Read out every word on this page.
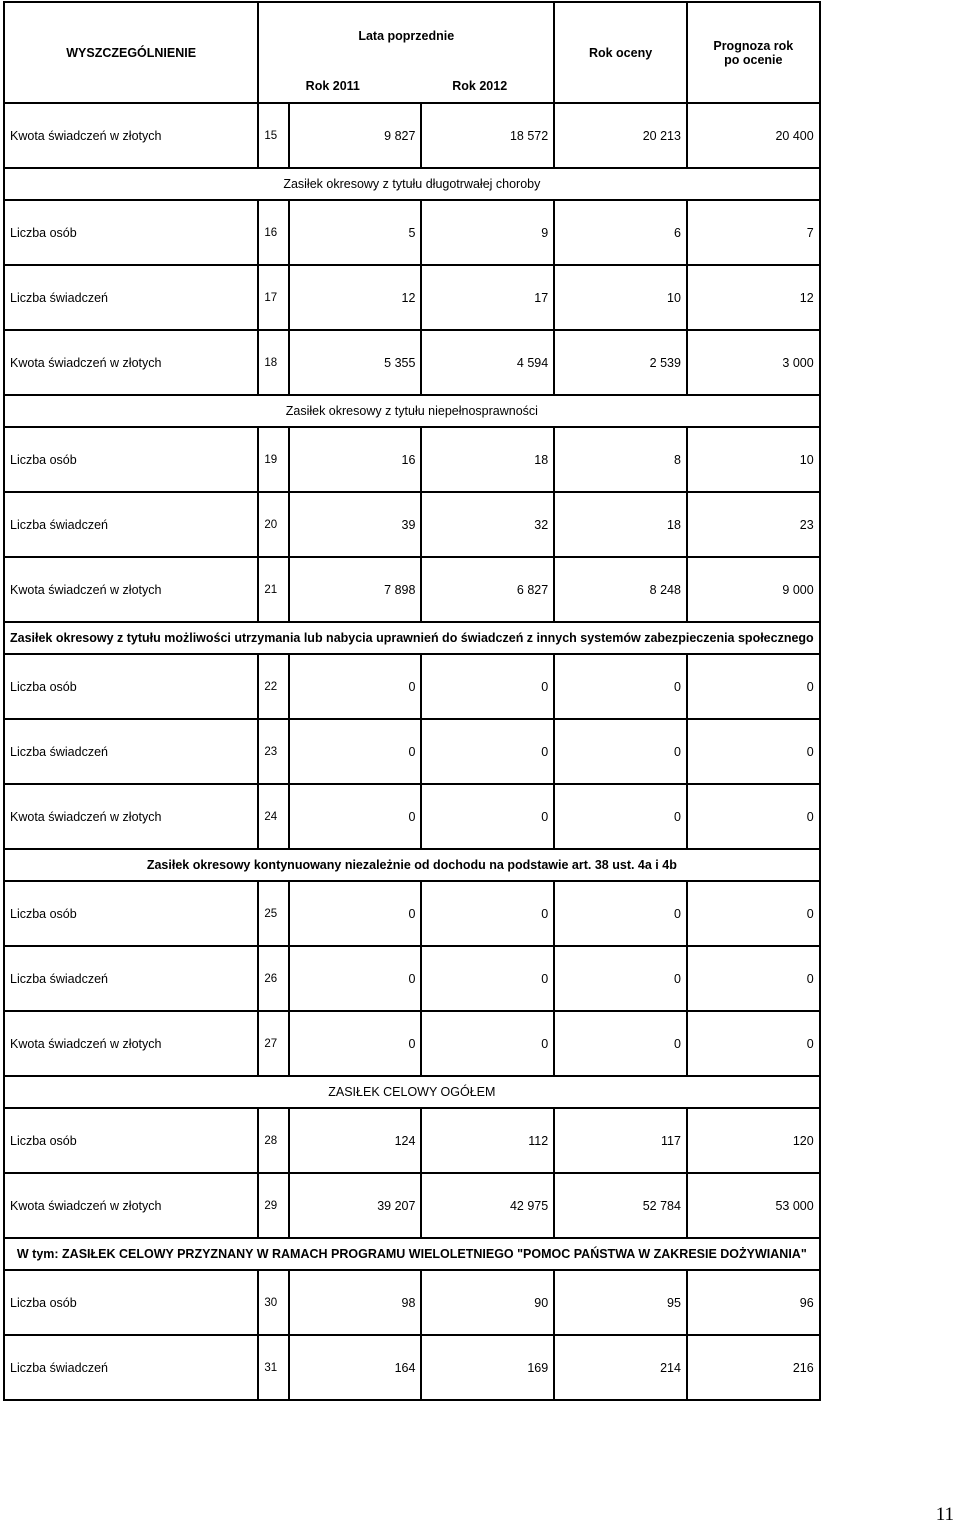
WYSZCZEGÓLNIENIE	Lata poprzednie			Rok oceny	Prognoza rok
po ocenie

	Rok 2011 Rok 2012				
Kwota świadczeń w złotych	15	9 827	18 572	20 213	20 400
Zasiłek okresowy z tytułu długotrwałej choroby					
Liczba osób	16	5	9	6	7
Liczba świadczeń	17	12	17	10	12
Kwota świadczeń w złotych	18	5 355	4 594	2 539	3 000
Zasiłek okresowy z tytułu niepełnosprawności					
Liczba osób	19	16	18	8	10
Liczba świadczeń	20	39	32	18	23
Kwota świadczeń w złotych	21	7 898	6 827	8 248	9 000
Zasiłek okresowy z tytułu możliwości utrzymania lub nabycia uprawnień do świadczeń z innych systemów zabezpieczenia społecznego					
Liczba osób	22	0	0	0	0
Liczba świadczeń	23	0	0	0	0
Kwota świadczeń w złotych	24	0	0	0	0
Zasiłek okresowy kontynuowany niezależnie od dochodu na podstawie art. 38 ust. 4a i 4b					
Liczba osób	25	0	0	0	0
Liczba świadczeń	26	0	0	0	0
Kwota świadczeń w złotych	27	0	0	0	0
ZASIŁEK CELOWY OGÓŁEM					
Liczba osób	28	124	112	117	120
Kwota świadczeń w złotych	29	39 207	42 975	52 784	53 000
W tym: ZASIŁEK CELOWY PRZYZNANY W RAMACH PROGRAMU WIELOLETNIEGO "POMOC PAŃSTWA W ZAKRESIE DOŻYWIANIA"					
Liczba osób	30	98	90	95	96
Liczba świadczeń	31	164	169	214	216
11
